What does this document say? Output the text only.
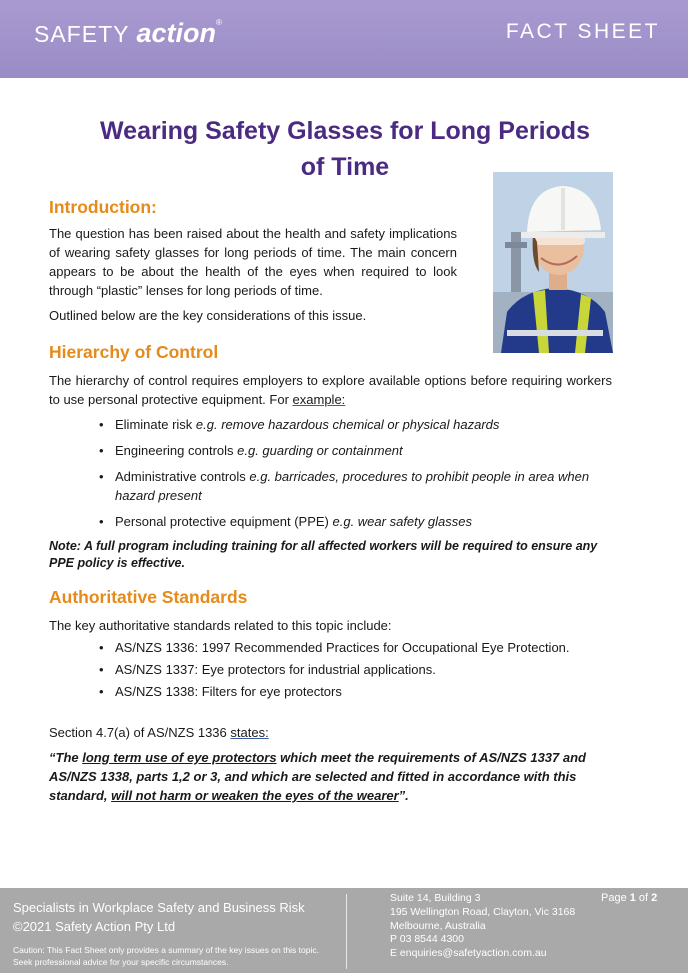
SAFETY action®	FACT SHEET
Wearing Safety Glasses for Long Periods
of Time
Introduction:

The question has been raised about the health and safety implications of wearing safety glasses for long periods of time. The main concern appears to be about the health of the eyes when required to look through “plastic” lenses for long periods of time.

Outlined below are the key considerations of this issue.

Hierarchy of Control

The hierarchy of control requires employers to explore available options before requiring workers to use personal protective equipment. For example:

• Eliminate risk e.g. remove hazardous chemical or physical hazards
• Engineering controls e.g. guarding or containment
• Administrative controls e.g. barricades, procedures to prohibit people in area when hazard present
• Personal protective equipment (PPE) e.g. wear safety glasses

Note: A full program including training for all affected workers will be required to ensure any PPE policy is effective.

Authoritative Standards

The key authoritative standards related to this topic include:

• AS/NZS 1336: 1997 Recommended Practices for Occupational Eye Protection.
• AS/NZS 1337: Eye protectors for industrial applications.
• AS/NZS 1338: Filters for eye protectors

Section 4.7(a) of AS/NZS 1336 states:

“The long term use of eye protectors which meet the requirements of AS/NZS 1337 and AS/NZS 1338, parts 1,2 or 3, and which are selected and fitted in accordance with this standard, will not harm or weaken the eyes of the wearer”.

Specialists in Workplace Safety and Business Risk
©2021 Safety Action Pty Ltd
Caution: This Fact Sheet only provides a summary of the key issues on this topic. Seek professional advice for your specific circumstances.
Suite 14, Building 3
195 Wellington Road, Clayton, Vic 3168
Melbourne, Australia
P 03 8544 4300
E enquiries@safetyaction.com.au
Page 1 of 2
